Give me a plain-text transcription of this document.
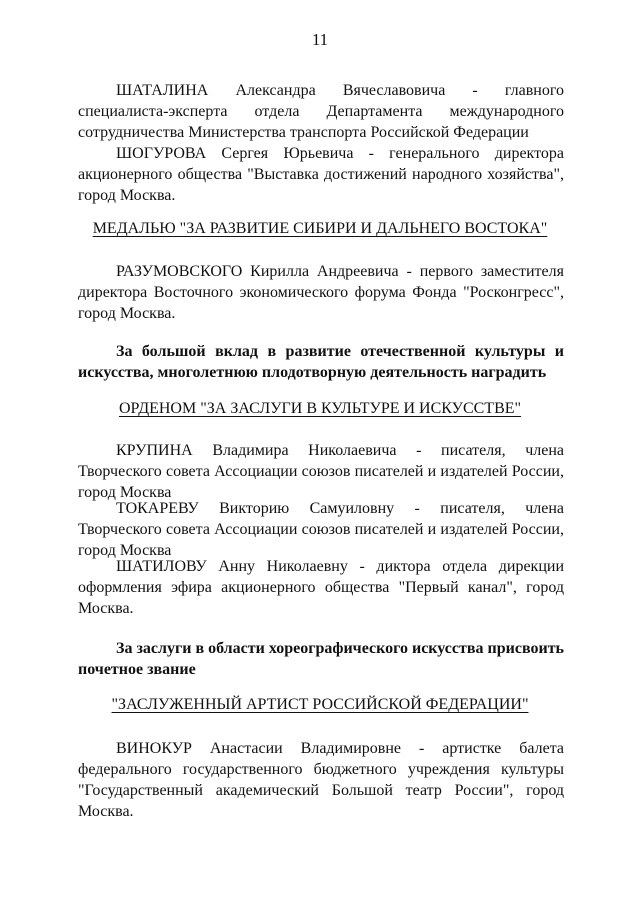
11

ШАТАЛИНА Александра Вячеславовича - главного специалиста-эксперта отдела Департамента международного сотрудничества Министерства транспорта Российской Федерации

ШОГУРОВА Сергея Юрьевича - генерального директора акционерного общества "Выставка достижений народного хозяйства", город Москва.

МЕДАЛЬЮ "ЗА РАЗВИТИЕ СИБИРИ И ДАЛЬНЕГО ВОСТОКА"

РАЗУМОВСКОГО Кирилла Андреевича - первого заместителя директора Восточного экономического форума Фонда "Росконгресс", город Москва.

За большой вклад в развитие отечественной культуры и искусства, многолетнюю плодотворную деятельность наградить

ОРДЕНОМ "ЗА ЗАСЛУГИ В КУЛЬТУРЕ И ИСКУССТВЕ"

КРУПИНА Владимира Николаевича - писателя, члена Творческого совета Ассоциации союзов писателей и издателей России, город Москва

ТОКАРЕВУ Викторию Самуиловну - писателя, члена Творческого совета Ассоциации союзов писателей и издателей России, город Москва

ШАТИЛОВУ Анну Николаевну - диктора отдела дирекции оформления эфира акционерного общества "Первый канал", город Москва.

За заслуги в области хореографического искусства присвоить почетное звание

"ЗАСЛУЖЕННЫЙ АРТИСТ РОССИЙСКОЙ ФЕДЕРАЦИИ"

ВИНОКУР Анастасии Владимировне - артистке балета федерального государственного бюджетного учреждения культуры "Государственный академический Большой театр России", город Москва.
